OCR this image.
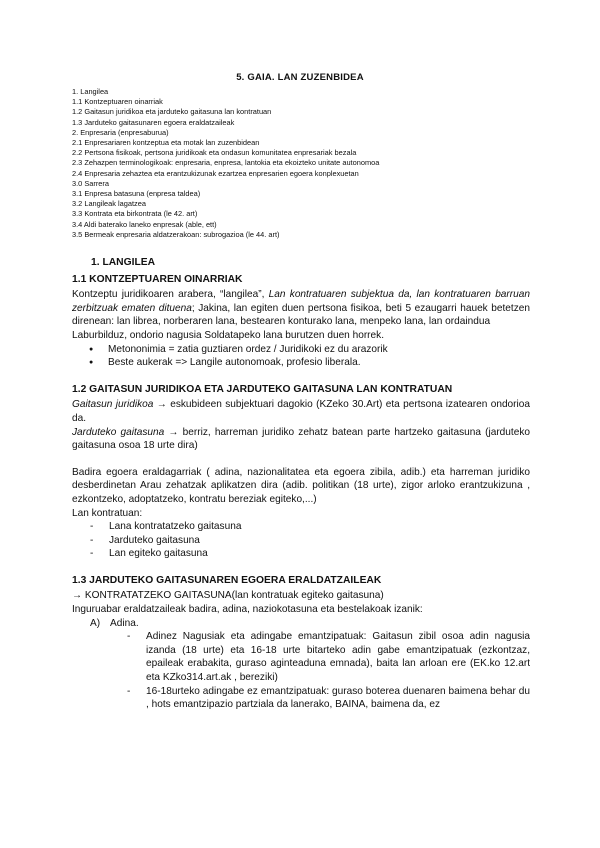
5. GAIA. LAN ZUZENBIDEA
1. Langilea
1.1 Kontzeptuaren oinarriak
1.2 Gaitasun juridikoa eta jarduteko gaitasuna lan kontratuan
1.3 Jarduteko gaitasunaren egoera eraldatzaileak
2. Enpresaria (enpresaburua)
2.1 Enpresariaren kontzeptua eta motak lan zuzenbidean
2.2 Pertsona fisikoak, pertsona juridikoak eta ondasun komunitatea enpresariak bezala
2.3 Zehazpen terminologikoak: enpresaria, enpresa, lantokia eta ekoizteko unitate autonomoa
2.4 Enpresaria zehaztea eta erantzukizunak ezartzea enpresarien egoera konplexuetan
3.0 Sarrera
3.1 Enpresa batasuna (enpresa taldea)
3.2 Langileak lagatzea
3.3 Kontrata eta birkontrata (le 42. art)
3.4 Aldi baterako laneko enpresak (able, ett)
3.5 Bermeak enpresaria aldatzerakoan: subrogazioa (le 44. art)
1. LANGILEA
1.1 KONTZEPTUAREN OINARRIAK

Kontzeptu juridikoaren arabera, “langilea”, Lan kontratuaren subjektua da, lan kontratuaren barruan zerbitzuak ematen dituena; Jakina, lan egiten duen pertsona fisikoa, beti 5 ezaugarri hauek betetzen direnean: lan librea, norberaren lana, bestearen konturako lana, menpeko lana, lan ordaindua

Laburbilduz, ondorio nagusia Soldatapeko lana burutzen duen horrek.

● Metononimia = zatia guztiaren ordez / Juridikoki ez du arazorik
● Beste aukerak => Langile autonomoak, profesio liberala.
1.2 GAITASUN JURIDIKOA ETA JARDUTEKO GAITASUNA LAN KONTRATUAN

Gaitasun juridikoa → eskubideen subjektuari dagokio (KZeko 30.Art) eta pertsona izatearen ondorioa da.

Jarduteko gaitasuna → berriz, harreman juridiko zehatz batean parte hartzeko gaitasuna (jarduteko gaitasuna osoa 18 urte dira)

Badira egoera eraldagarriak ( adina, nazionalitatea eta egoera zibila, adib.) eta harreman juridiko desberdinetan Arau zehatzak aplikatzen dira (adib. politikan (18 urte), zigor arloko erantzukizuna , ezkontzeko, adoptatzeko, kontratu bereziak egiteko,...)

Lan kontratuan:

- Lana kontratatzeko gaitasuna
- Jarduteko gaitasuna
- Lan egiteko gaitasuna
1.3 JARDUTEKO GAITASUNAREN EGOERA ERALDATZAILEAK

→ KONTRATATZEKO GAITASUNA(lan kontratuak egiteko gaitasuna)

Inguruabar eraldatzaileak badira, adina, naziokotasuna eta bestelakoak izanik:

A) Adina.
- Adinez Nagusiak eta adingabe emantzipatuak: Gaitasun zibil osoa adin nagusia izanda (18 urte) eta 16-18 urte bitarteko adin gabe emantzipatuak (ezkontzaz, epaileak erabakita, guraso aginteaduna emnada), baita lan arloan ere (EK.ko 12.art eta KZko314.art.ak , bereziki)
- 16-18urteko adingabe ez emantzipatuak: guraso boterea duenaren baimena behar du , hots emantzipazio partziala da lanerako, BAINA, baimena da, ez
